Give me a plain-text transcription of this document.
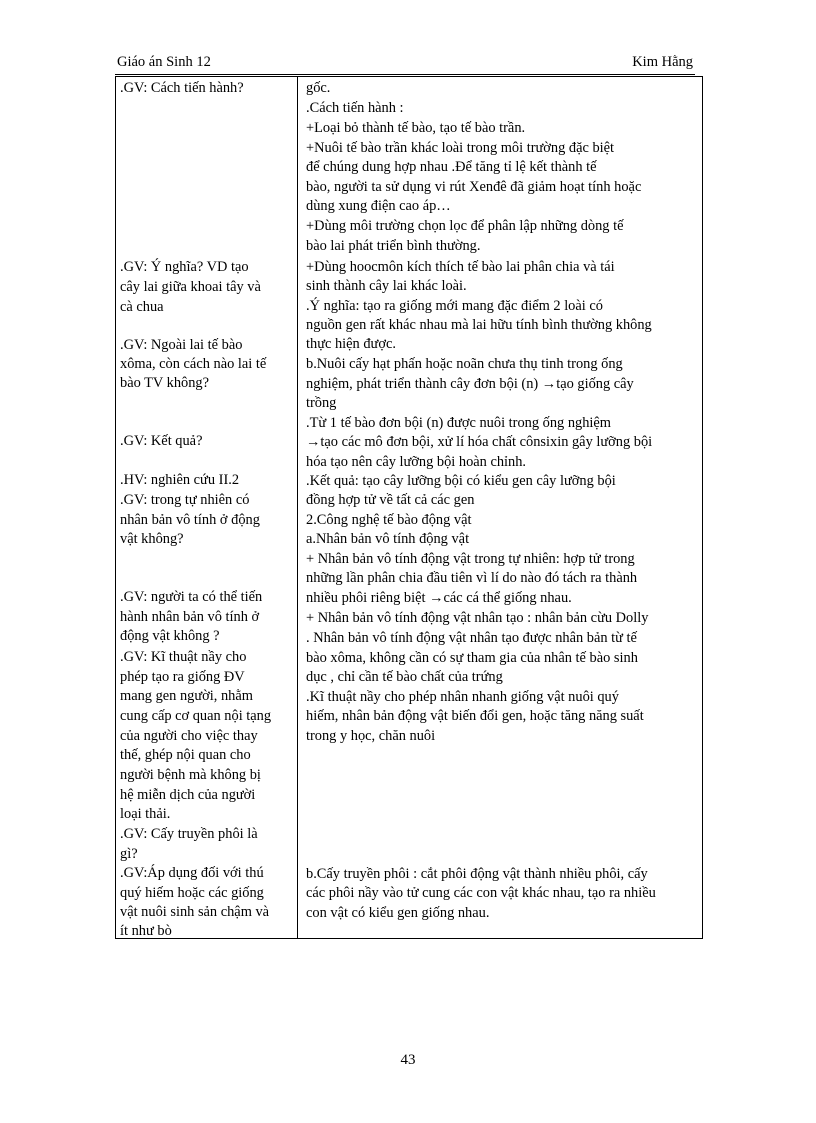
Giáo án Sinh 12	Kim Hằng
.GV: Cách tiến hành?
.GV: Ý nghĩa? VD tạo
cây lai giữa khoai tây và
cà chua
.GV: Ngoài lai tế bào
xôma, còn cách nào lai tế
bào TV không?
.GV: Kết quả?
.HV: nghiên cứu II.2
.GV: trong tự nhiên có
nhân bản vô tính ở động
vật không?
.GV: người ta có thể tiến
hành nhân bản vô tính ở
động vật không ?
.GV: Kĩ thuật nầy cho
phép tạo ra giống ĐV
mang gen người, nhằm
cung cấp cơ quan nội tạng
của người cho việc thay
thế, ghép nội quan cho
người bệnh mà không bị
hệ miễn dịch của người
loại thải.
.GV: Cấy truyền phôi là
gì?
.GV:Áp dụng đối với thú
quý hiếm hoặc các giống
vật nuôi sinh sản chậm và
ít như bò
gốc.
.Cách tiến hành :
+Loại bỏ thành tế bào, tạo tế bào trần.
+Nuôi tế bào trần khác loài trong môi trường đặc biệt
để chúng dung hợp nhau .Để tăng tỉ lệ kết thành tế
bào, người ta sử dụng vi rút Xenđê đã giảm hoạt tính hoặc
dùng xung điện cao áp…
+Dùng môi trường chọn lọc để phân lập những dòng tế
bào lai phát triển bình thường.
+Dùng hoocmôn kích thích tế bào lai phân chia và tái
sinh thành cây lai khác loài.
.Ý nghĩa: tạo ra giống mới mang đặc điểm 2 loài có
nguồn gen rất khác nhau mà lai hữu tính bình thường không
thực hiện được.
b.Nuôi cấy hạt phấn hoặc noãn chưa thụ tinh trong ống
nghiệm, phát triển thành cây đơn bội (n) →tạo giống cây
trồng
.Từ 1 tế bào đơn bội (n) được nuôi trong ống nghiệm
→tạo các mô đơn bội, xử lí hóa chất cônsixin gây lưỡng bội
hóa tạo nên cây lưỡng bội hoàn chỉnh.
.Kết quả: tạo cây lưỡng bội có kiểu gen cây lưỡng bội
đồng hợp tử về tất cả các gen
2.Công nghệ tế bào động vật
a.Nhân bản vô tính động vật
+ Nhân bản vô tính động vật trong tự nhiên: hợp tử trong
những lần phân chia đầu tiên vì lí do nào đó tách ra thành
nhiều phôi riêng biệt →các cá thể giống nhau.
+ Nhân bản vô tính động vật nhân tạo : nhân bản cừu Dolly
. Nhân bản vô tính động vật nhân tạo được nhân bản từ tế
bào xôma, không cần có sự tham gia của nhân tế bào sinh
dục , chỉ cần tế bào chất của trứng
.Kĩ thuật nầy cho phép nhân nhanh giống vật nuôi quý
hiếm, nhân bản động vật biến đổi gen, hoặc tăng năng suất
trong y học, chăn nuôi
b.Cấy truyền phôi : cắt phôi động vật thành nhiều phôi, cấy
các phôi nầy vào tử cung các con vật khác nhau, tạo ra nhiều
con vật có kiểu gen giống nhau.
43
